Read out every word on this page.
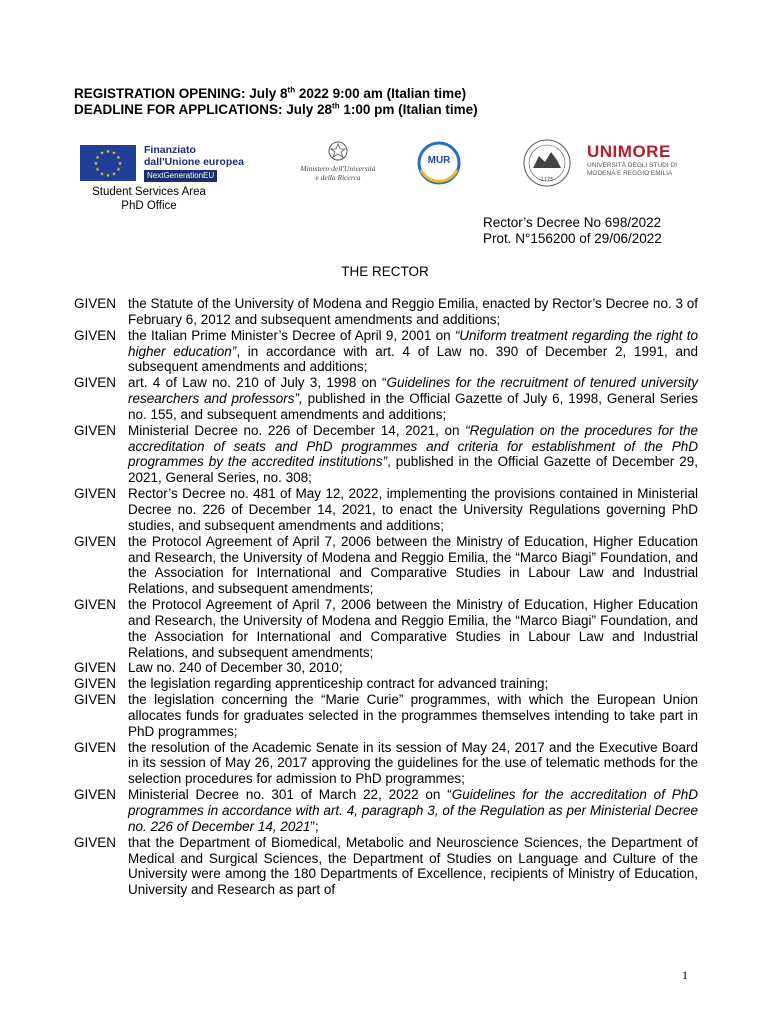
REGISTRATION OPENING: July 8th 2022 9:00 am (Italian time)
DEADLINE FOR APPLICATIONS: July 28th 1:00 pm (Italian time)
★ ★
★
★
★
★
★
★
★
★
★
★	Finanziato
dall'Unione europea
NextGenerationEU
Ministero dell'Università e della Ricerca
MUR
1175
UNIMORE
UNIVERSITÀ DEGLI STUDI DI MODENA E REGGIO EMILIA
Student Services Area
PhD Office
Rector’s Decree No 698/2022
Prot. N°156200 of 29/06/2022
THE RECTOR
GIVEN the Statute of the University of Modena and Reggio Emilia, enacted by Rector’s Decree no. 3 of February 6, 2012 and subsequent amendments and additions;
GIVEN the Italian Prime Minister’s Decree of April 9, 2001 on “Uniform treatment regarding the right to higher education”, in accordance with art. 4 of Law no. 390 of December 2, 1991, and subsequent amendments and additions;
GIVEN art. 4 of Law no. 210 of July 3, 1998 on “Guidelines for the recruitment of tenured university researchers and professors”, published in the Official Gazette of July 6, 1998, General Series no. 155, and subsequent amendments and additions;
GIVEN Ministerial Decree no. 226 of December 14, 2021, on “Regulation on the procedures for the accreditation of seats and PhD programmes and criteria for establishment of the PhD programmes by the accredited institutions”, published in the Official Gazette of December 29, 2021, General Series, no. 308;
GIVEN Rector’s Decree no. 481 of May 12, 2022, implementing the provisions contained in Ministerial Decree no. 226 of December 14, 2021, to enact the University Regulations governing PhD studies, and subsequent amendments and additions;
GIVEN the Protocol Agreement of April 7, 2006 between the Ministry of Education, Higher Education and Research, the University of Modena and Reggio Emilia, the “Marco Biagi” Foundation, and the Association for International and Comparative Studies in Labour Law and Industrial Relations, and subsequent amendments;
GIVEN the Protocol Agreement of April 7, 2006 between the Ministry of Education, Higher Education and Research, the University of Modena and Reggio Emilia, the “Marco Biagi” Foundation, and the Association for International and Comparative Studies in Labour Law and Industrial Relations, and subsequent amendments;
GIVEN Law no. 240 of December 30, 2010;
GIVEN the legislation regarding apprenticeship contract for advanced training;
GIVEN the legislation concerning the “Marie Curie” programmes, with which the European Union allocates funds for graduates selected in the programmes themselves intending to take part in PhD programmes;
GIVEN the resolution of the Academic Senate in its session of May 24, 2017 and the Executive Board in its session of May 26, 2017 approving the guidelines for the use of telematic methods for the selection procedures for admission to PhD programmes;
GIVEN Ministerial Decree no. 301 of March 22, 2022 on “Guidelines for the accreditation of PhD programmes in accordance with art. 4, paragraph 3, of the Regulation as per Ministerial Decree no. 226 of December 14, 2021”;
GIVEN that the Department of Biomedical, Metabolic and Neuroscience Sciences, the Department of Medical and Surgical Sciences, the Department of Studies on Language and Culture of the University were among the 180 Departments of Excellence, recipients of Ministry of Education, University and Research as part of
1
